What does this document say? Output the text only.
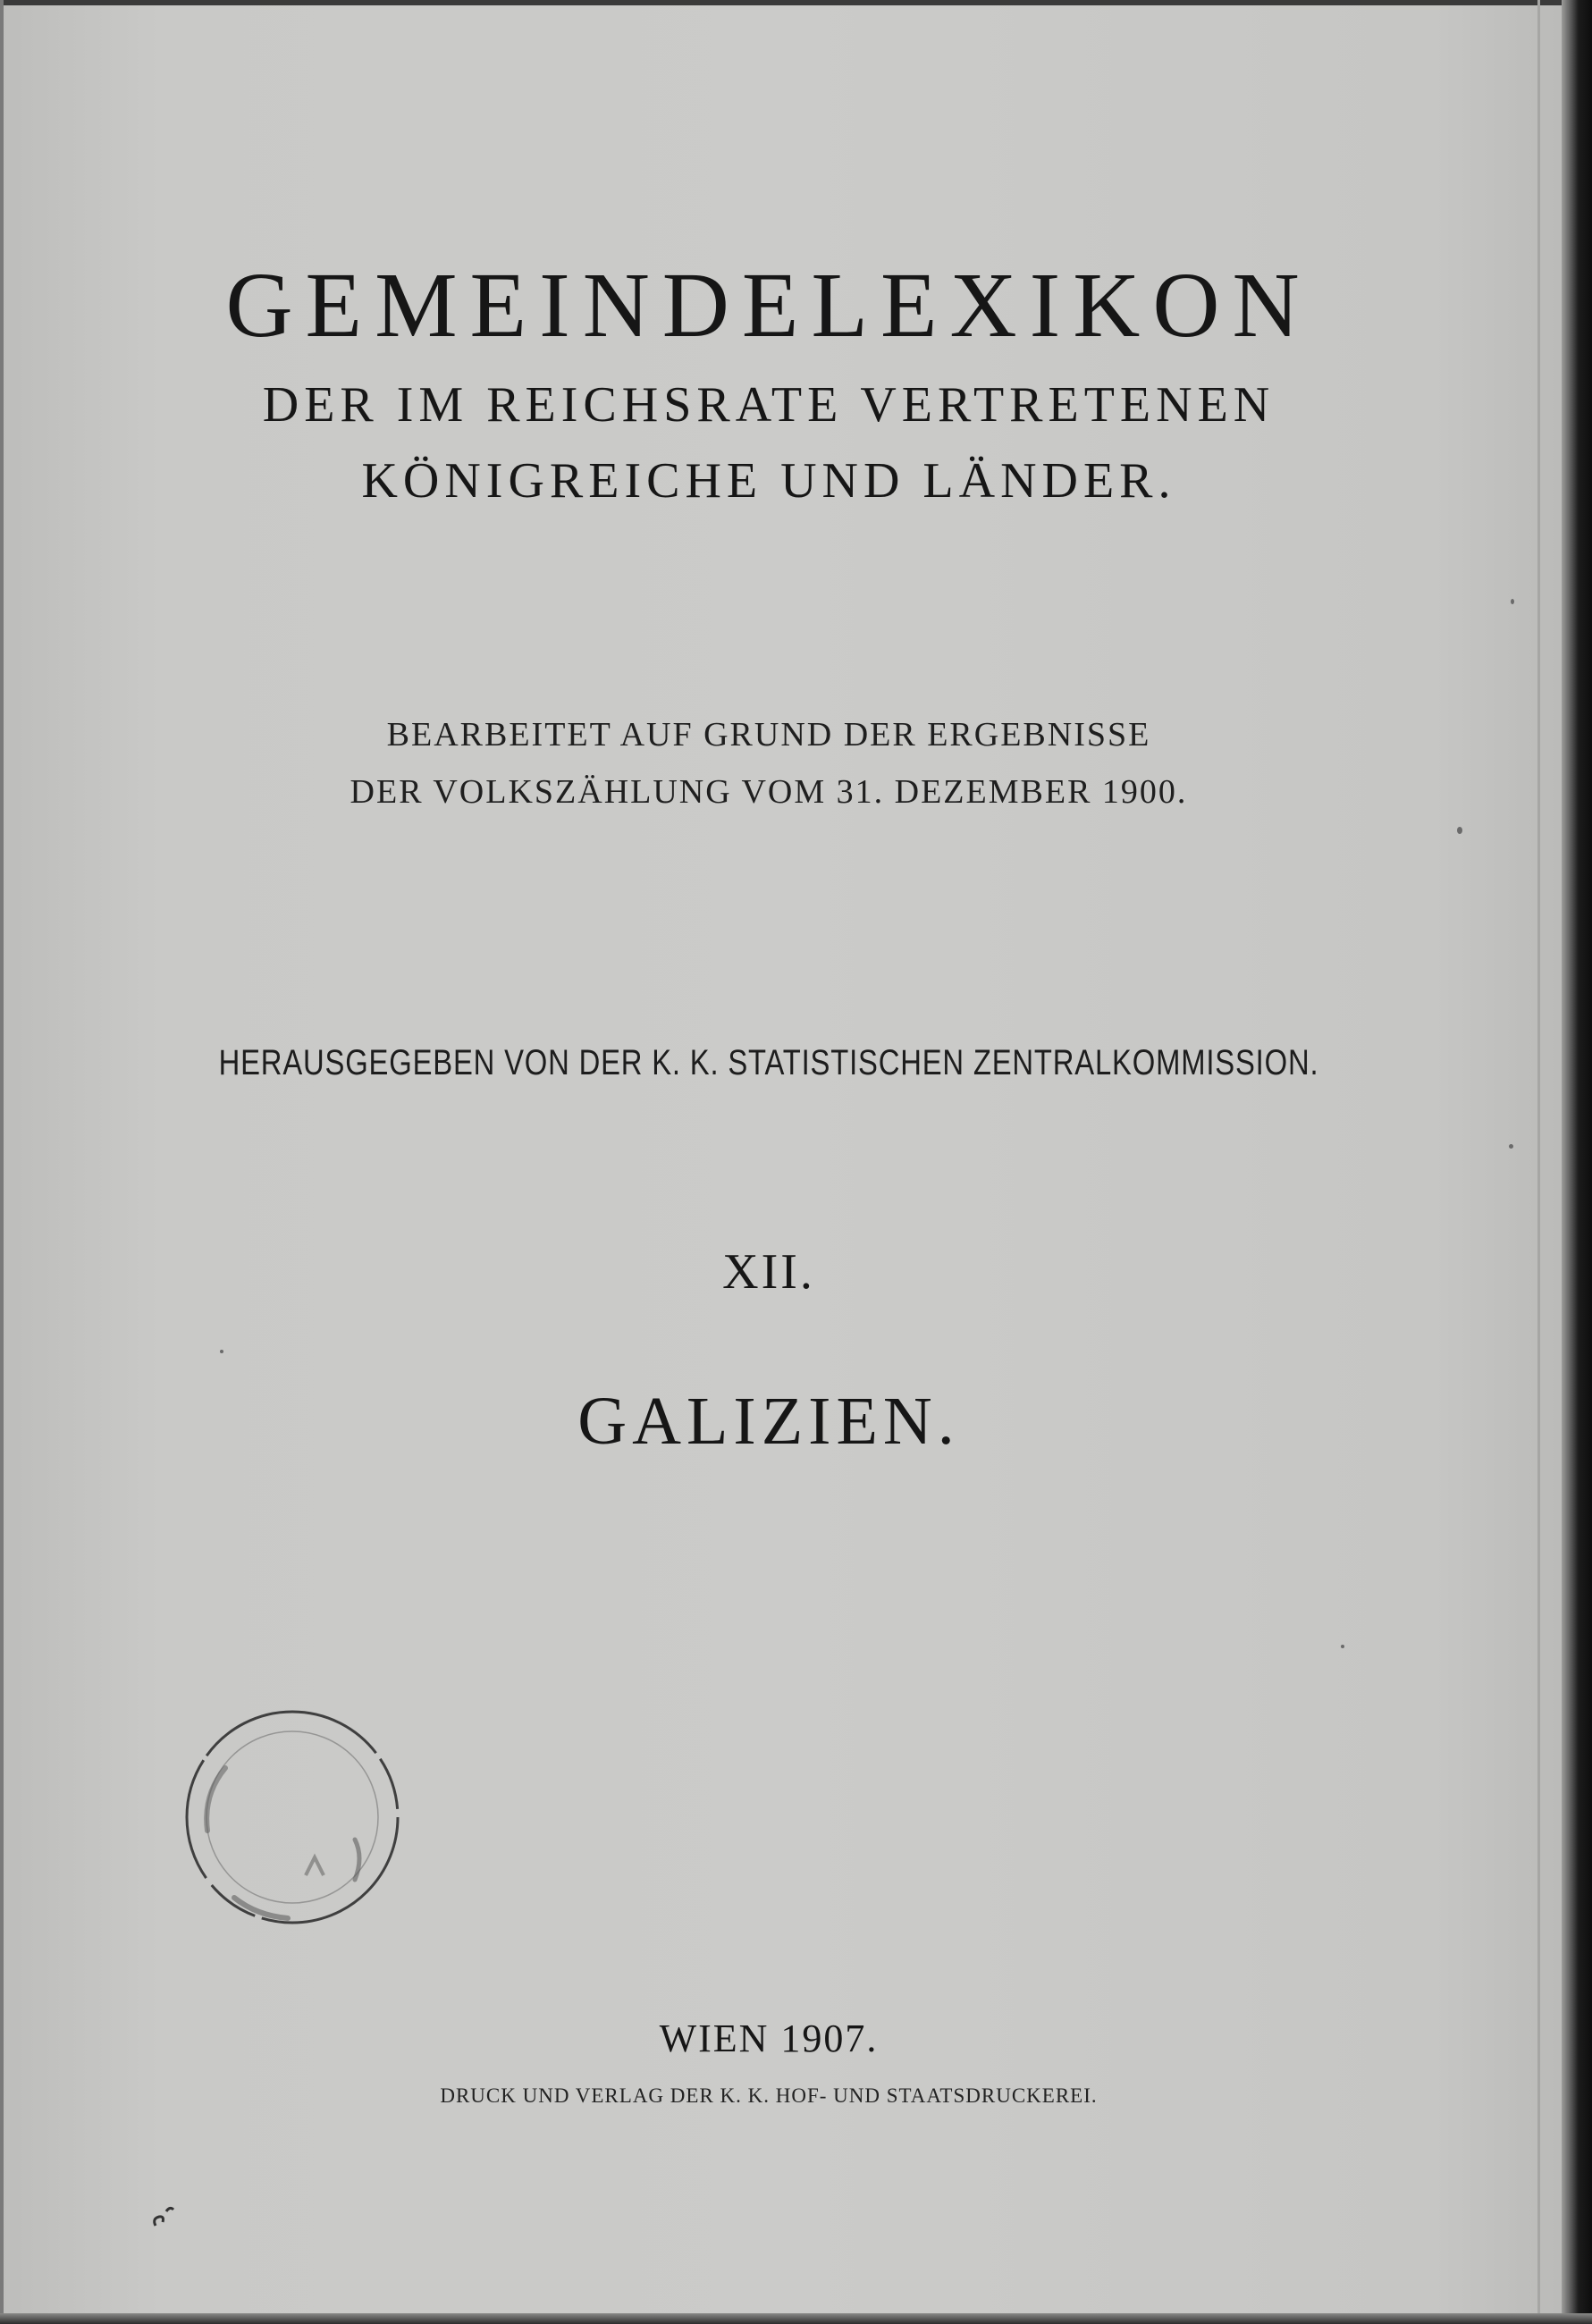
GEMEINDELEXIKON
DER IM REICHSRATE VERTRETENEN
KÖNIGREICHE UND LÄNDER.
BEARBEITET AUF GRUND DER ERGEBNISSE
DER VOLKSZÄHLUNG VOM 31. DEZEMBER 1900.
HERAUSGEGEBEN VON DER K. K. STATISTISCHEN ZENTRALKOMMISSION.
XII.
GALIZIEN.
WIEN 1907.
DRUCK UND VERLAG DER K. K. HOF- UND STAATSDRUCKEREI.
